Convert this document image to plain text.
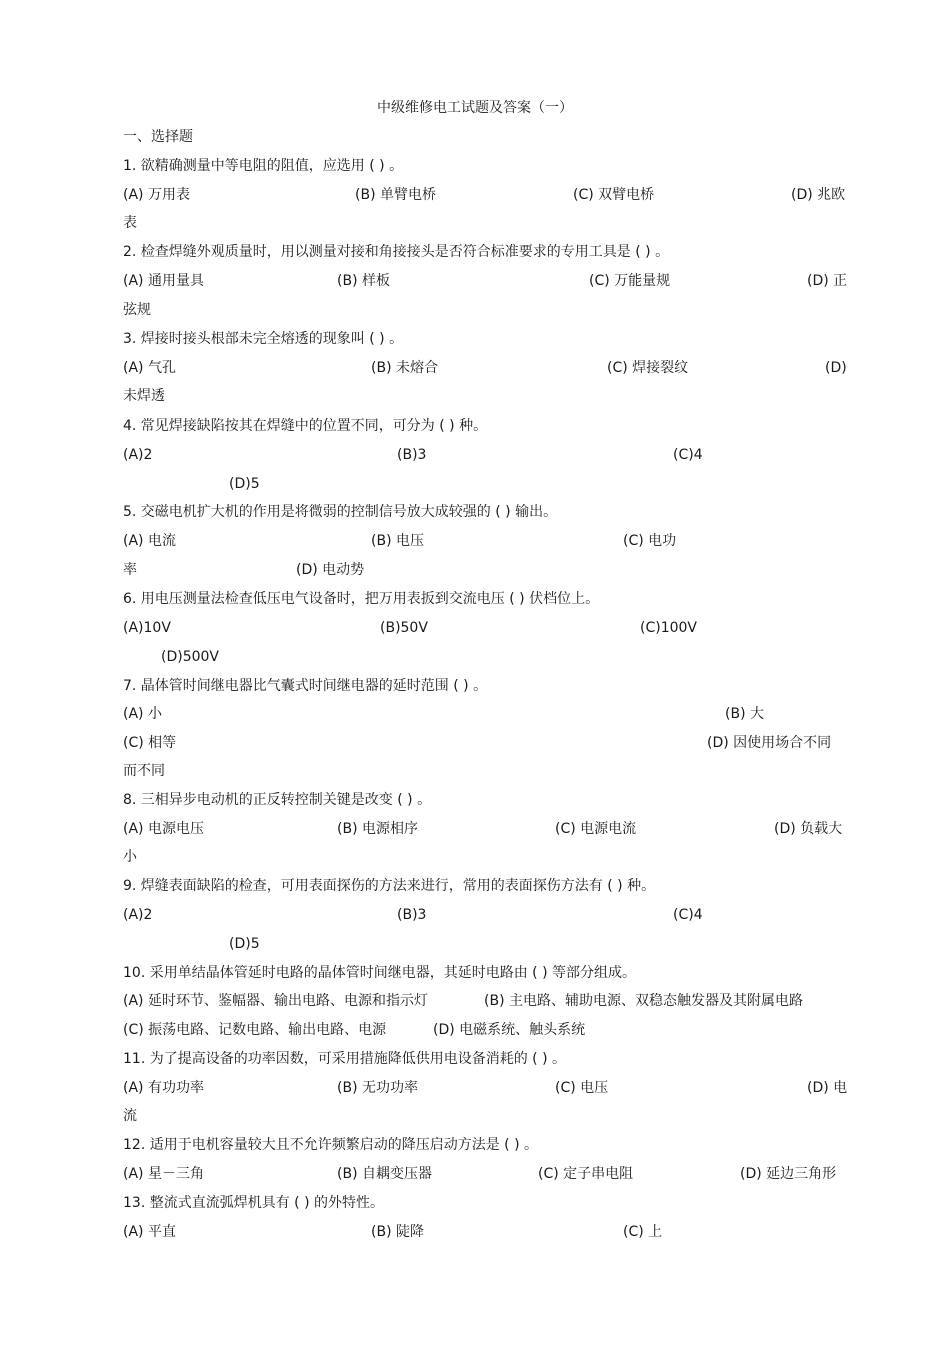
中级维修电工试题及答案（一）
一、选择题
1. 欲精确测量中等电阻的阻值，应选用 ( ) 。
(A) 万用表	(B) 单臂电桥	(C) 双臂电桥	(D) 兆欧
表
2. 检查焊缝外观质量时，用以测量对接和角接接头是否符合标准要求的专用工具是 ( ) 。
(A) 通用量具	(B) 样板	(C) 万能量规	(D) 正
弦规
3. 焊接时接头根部未完全熔透的现象叫 ( ) 。
(A) 气孔	(B) 未熔合	(C) 焊接裂纹	(D)
未焊透
4. 常见焊接缺陷按其在焊缝中的位置不同，可分为 ( ) 种。
(A)2	(B)3	(C)4
(D)5
5. 交磁电机扩大机的作用是将微弱的控制信号放大成较强的 ( ) 输出。
(A) 电流	(B) 电压	(C) 电功
率	(D) 电动势
6. 用电压测量法检查低压电气设备时，把万用表扳到交流电压 ( ) 伏档位上。
(A)10V	(B)50V	(C)100V
(D)500V
7. 晶体管时间继电器比气囊式时间继电器的延时范围 ( ) 。
(A) 小	(B) 大
(C) 相等	(D) 因使用场合不同
而不同
8. 三相异步电动机的正反转控制关键是改变 ( ) 。
(A) 电源电压	(B) 电源相序	(C) 电源电流	(D) 负载大
小
9. 焊缝表面缺陷的检查，可用表面探伤的方法来进行，常用的表面探伤方法有 ( ) 种。
(A)2	(B)3	(C)4
(D)5
10. 采用单结晶体管延时电路的晶体管时间继电器，其延时电路由 ( ) 等部分组成。
(A) 延时环节、鉴幅器、输出电路、电源和指示灯	(B) 主电路、辅助电源、双稳态触发器及其附属电路
(C) 振荡电路、记数电路、输出电路、电源	(D) 电磁系统、触头系统
11. 为了提高设备的功率因数，可采用措施降低供用电设备消耗的 ( ) 。
(A) 有功功率	(B) 无功功率	(C) 电压	(D) 电
流
12. 适用于电机容量较大且不允许频繁启动的降压启动方法是 ( ) 。
(A) 星－三角	(B) 自耦变压器	(C) 定子串电阻	(D) 延边三角形
13. 整流式直流弧焊机具有 ( ) 的外特性。
(A) 平直	(B) 陡降	(C) 上
